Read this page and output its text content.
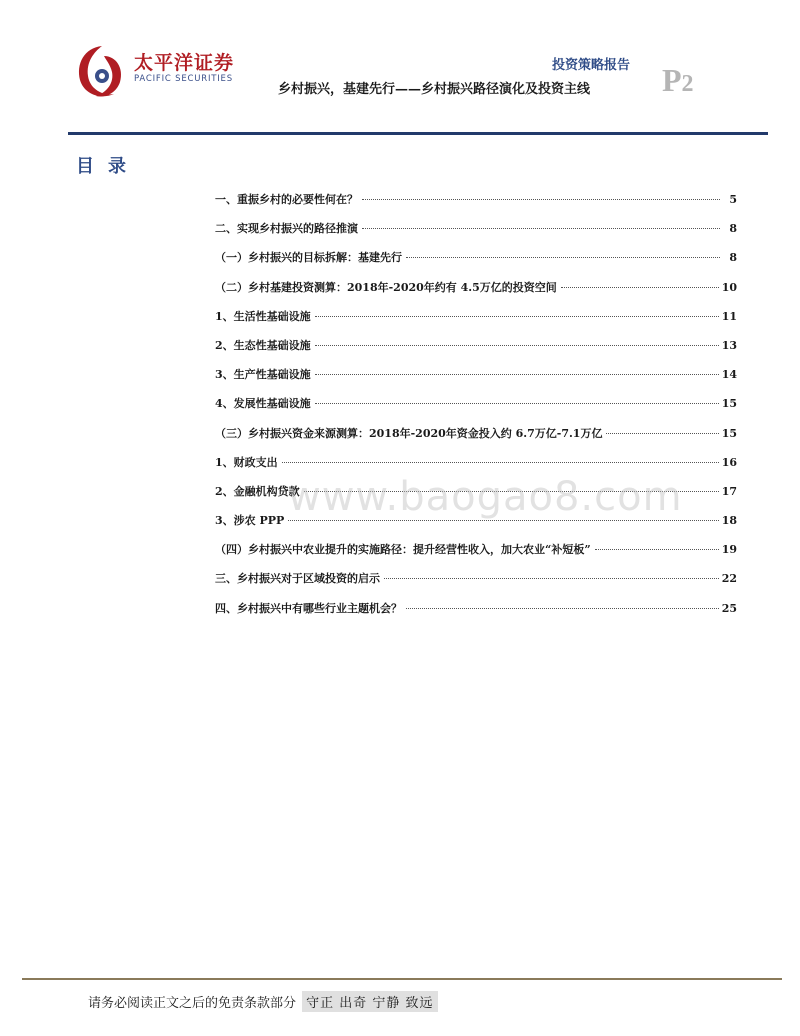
太平洋证券
PACIFIC SECURITIES
投资策略报告 P2
乡村振兴，基建先行——乡村振兴路径演化及投资主线
目录
一、重振乡村的必要性何在？	5
二、实现乡村振兴的路径推演	8
（一）乡村振兴的目标拆解：基建先行	8
（二）乡村基建投资测算：2018年-2020年约有 4.5万亿的投资空间	10
1、生活性基础设施	11
2、生态性基础设施	13
3、生产性基础设施	14
4、发展性基础设施	15
（三）乡村振兴资金来源测算：2018年-2020年资金投入约 6.7万亿-7.1万亿	15
1、财政支出	16
2、金融机构贷款	17
3、涉农 PPP	18
（四）乡村振兴中农业提升的实施路径：提升经营性收入，加大农业“补短板”	19
三、乡村振兴对于区域投资的启示	22
四、乡村振兴中有哪些行业主题机会？	25
www.baogao8.com
请务必阅读正文之后的免责条款部分 守正 出奇 宁静 致远
